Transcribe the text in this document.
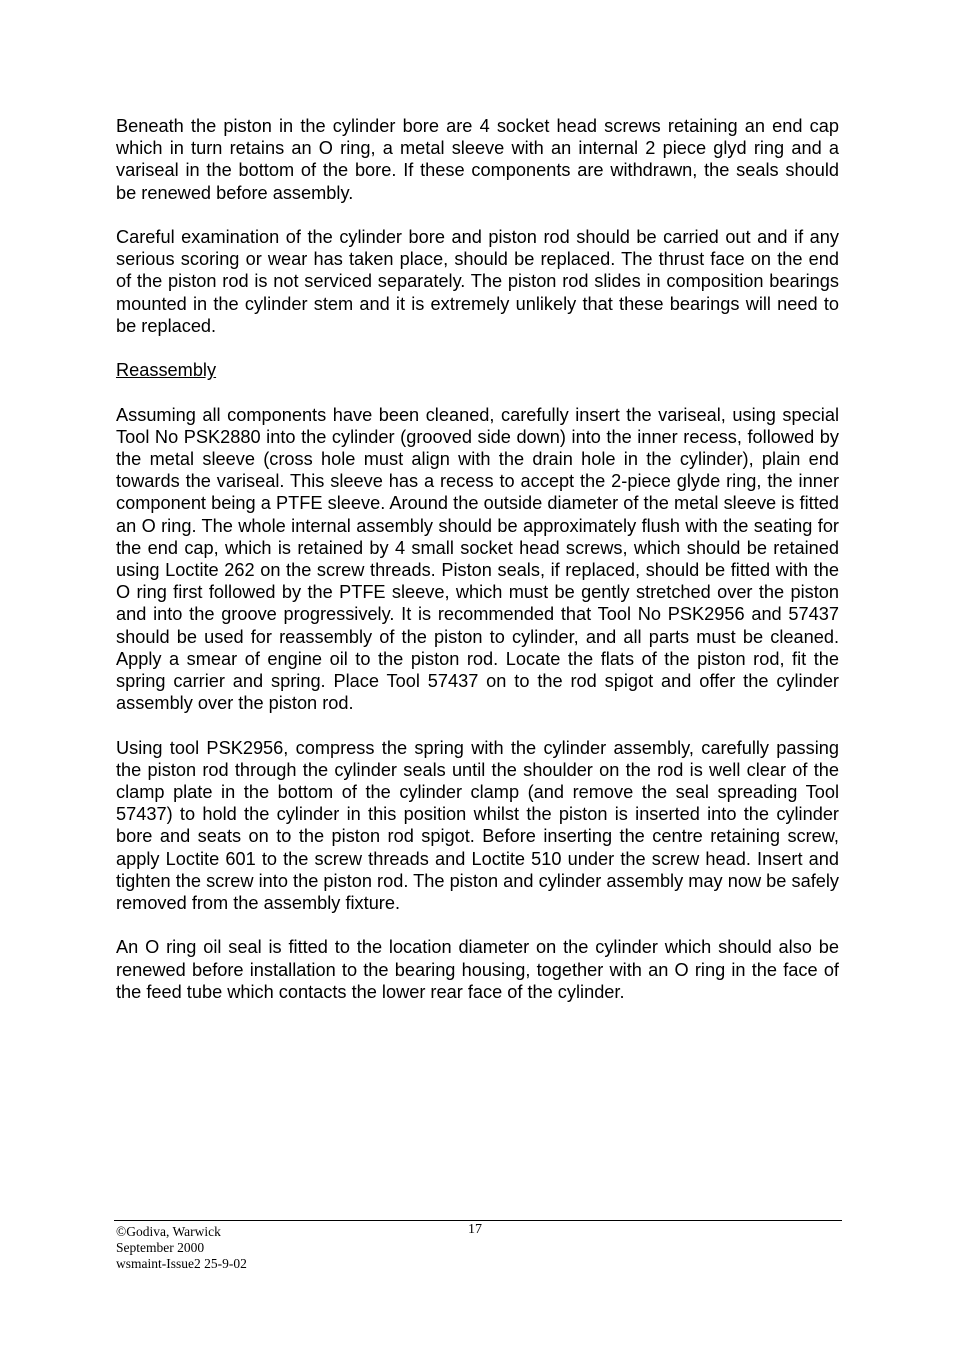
Beneath the piston in the cylinder bore are 4 socket head screws retaining an end cap which in turn retains an O ring, a metal sleeve with an internal 2 piece glyd ring and a variseal in the bottom of the bore. If these components are withdrawn, the seals should be renewed before assembly.

Careful examination of the cylinder bore and piston rod should be carried out and if any serious scoring or wear has taken place, should be replaced. The thrust face on the end of the piston rod is not serviced separately. The piston rod slides in composition bearings mounted in the cylinder stem and it is extremely unlikely that these bearings will need to be replaced.

Reassembly

Assuming all components have been cleaned, carefully insert the variseal, using special Tool No PSK2880 into the cylinder (grooved side down) into the inner recess, followed by the metal sleeve (cross hole must align with the drain hole in the cylinder), plain end towards the variseal. This sleeve has a recess to accept the 2-piece glyde ring, the inner component being a PTFE sleeve. Around the outside diameter of the metal sleeve is fitted an O ring. The whole internal assembly should be approximately flush with the seating for the end cap, which is retained by 4 small socket head screws, which should be retained using Loctite 262 on the screw threads. Piston seals, if replaced, should be fitted with the O ring first followed by the PTFE sleeve, which must be gently stretched over the piston and into the groove progressively. It is recommended that Tool No PSK2956 and 57437 should be used for reassembly of the piston to cylinder, and all parts must be cleaned. Apply a smear of engine oil to the piston rod. Locate the flats of the piston rod, fit the spring carrier and spring. Place Tool 57437 on to the rod spigot and offer the cylinder assembly over the piston rod.

Using tool PSK2956, compress the spring with the cylinder assembly, carefully passing the piston rod through the cylinder seals until the shoulder on the rod is well clear of the clamp plate in the bottom of the cylinder clamp (and remove the seal spreading Tool 57437) to hold the cylinder in this position whilst the piston is inserted into the cylinder bore and seats on to the piston rod spigot. Before inserting the centre retaining screw, apply Loctite 601 to the screw threads and Loctite 510 under the screw head. Insert and tighten the screw into the piston rod. The piston and cylinder assembly may now be safely removed from the assembly fixture.

An O ring oil seal is fitted to the location diameter on the cylinder which should also be renewed before installation to the bearing housing, together with an O ring in the face of the feed tube which contacts the lower rear face of the cylinder.

©Godiva, Warwick
September 2000
wsmaint-Issue2 25-9-02
17
